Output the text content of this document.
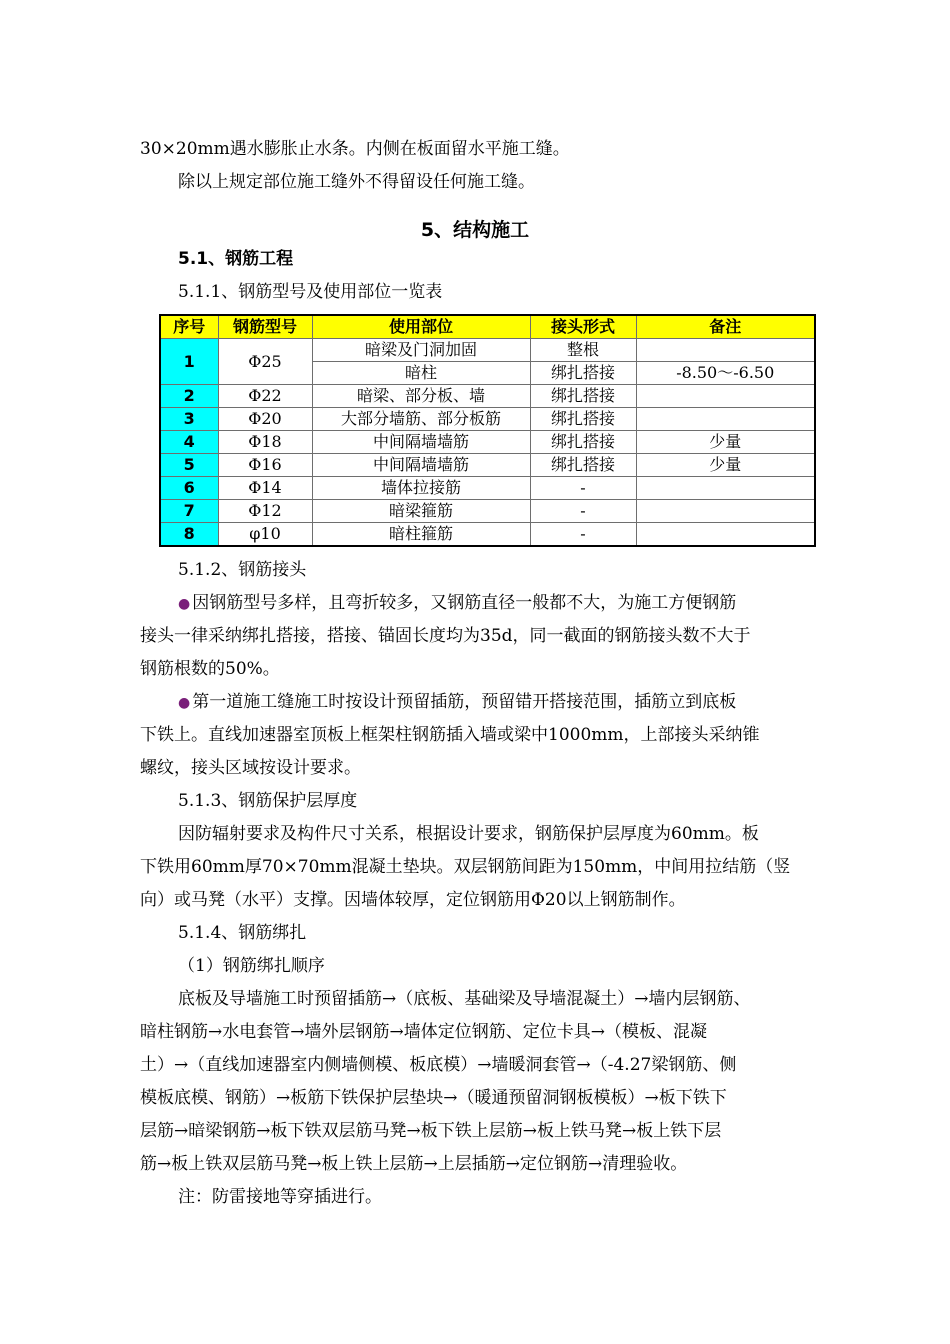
30×20mm遇水膨胀止水条。内侧在板面留水平施工缝。
除以上规定部位施工缝外不得留设任何施工缝。
5、结构施工
5.1、钢筋工程
5.1.1、钢筋型号及使用部位一览表
序号	钢筋型号	使用部位	接头形式	备注
1	Φ25	暗梁及门洞加固	整根	
		暗柱	绑扎搭接	-8.50～-6.50
2	Φ22	暗梁、部分板、墙	绑扎搭接	
3	Φ20	大部分墙筋、部分板筋	绑扎搭接	
4	Φ18	中间隔墙墙筋	绑扎搭接	少量
5	Φ16	中间隔墙墙筋	绑扎搭接	少量
6	Φ14	墙体拉接筋	-	
7	Φ12	暗梁箍筋	-	
8	φ10	暗柱箍筋	-	
5.1.2、钢筋接头
● 因钢筋型号多样，且弯折较多，又钢筋直径一般都不大，为施工方便钢筋
接头一律采纳绑扎搭接，搭接、锚固长度均为35d，同一截面的钢筋接头数不大于
钢筋根数的50%。
● 第一道施工缝施工时按设计预留插筋，预留错开搭接范围，插筋立到底板
下铁上。直线加速器室顶板上框架柱钢筋插入墙或梁中1000mm，上部接头采纳锥
螺纹，接头区域按设计要求。
5.1.3、钢筋保护层厚度
因防辐射要求及构件尺寸关系，根据设计要求，钢筋保护层厚度为60mm。板
下铁用60mm厚70×70mm混凝土垫块。双层钢筋间距为150mm，中间用拉结筋（竖
向）或马凳（水平）支撑。因墙体较厚，定位钢筋用Φ20以上钢筋制作。
5.1.4、钢筋绑扎
（1）钢筋绑扎顺序
底板及导墙施工时预留插筋→（底板、基础梁及导墙混凝土）→墙内层钢筋、
暗柱钢筋→水电套管→墙外层钢筋→墙体定位钢筋、定位卡具→（模板、混凝
土）→（直线加速器室内侧墙侧模、板底模）→墙暖洞套管→（-4.27梁钢筋、侧
模板底模、钢筋）→板筋下铁保护层垫块→（暖通预留洞钢板模板）→板下铁下
层筋→暗梁钢筋→板下铁双层筋马凳→板下铁上层筋→板上铁马凳→板上铁下层
筋→板上铁双层筋马凳→板上铁上层筋→上层插筋→定位钢筋→清理验收。
注：防雷接地等穿插进行。
